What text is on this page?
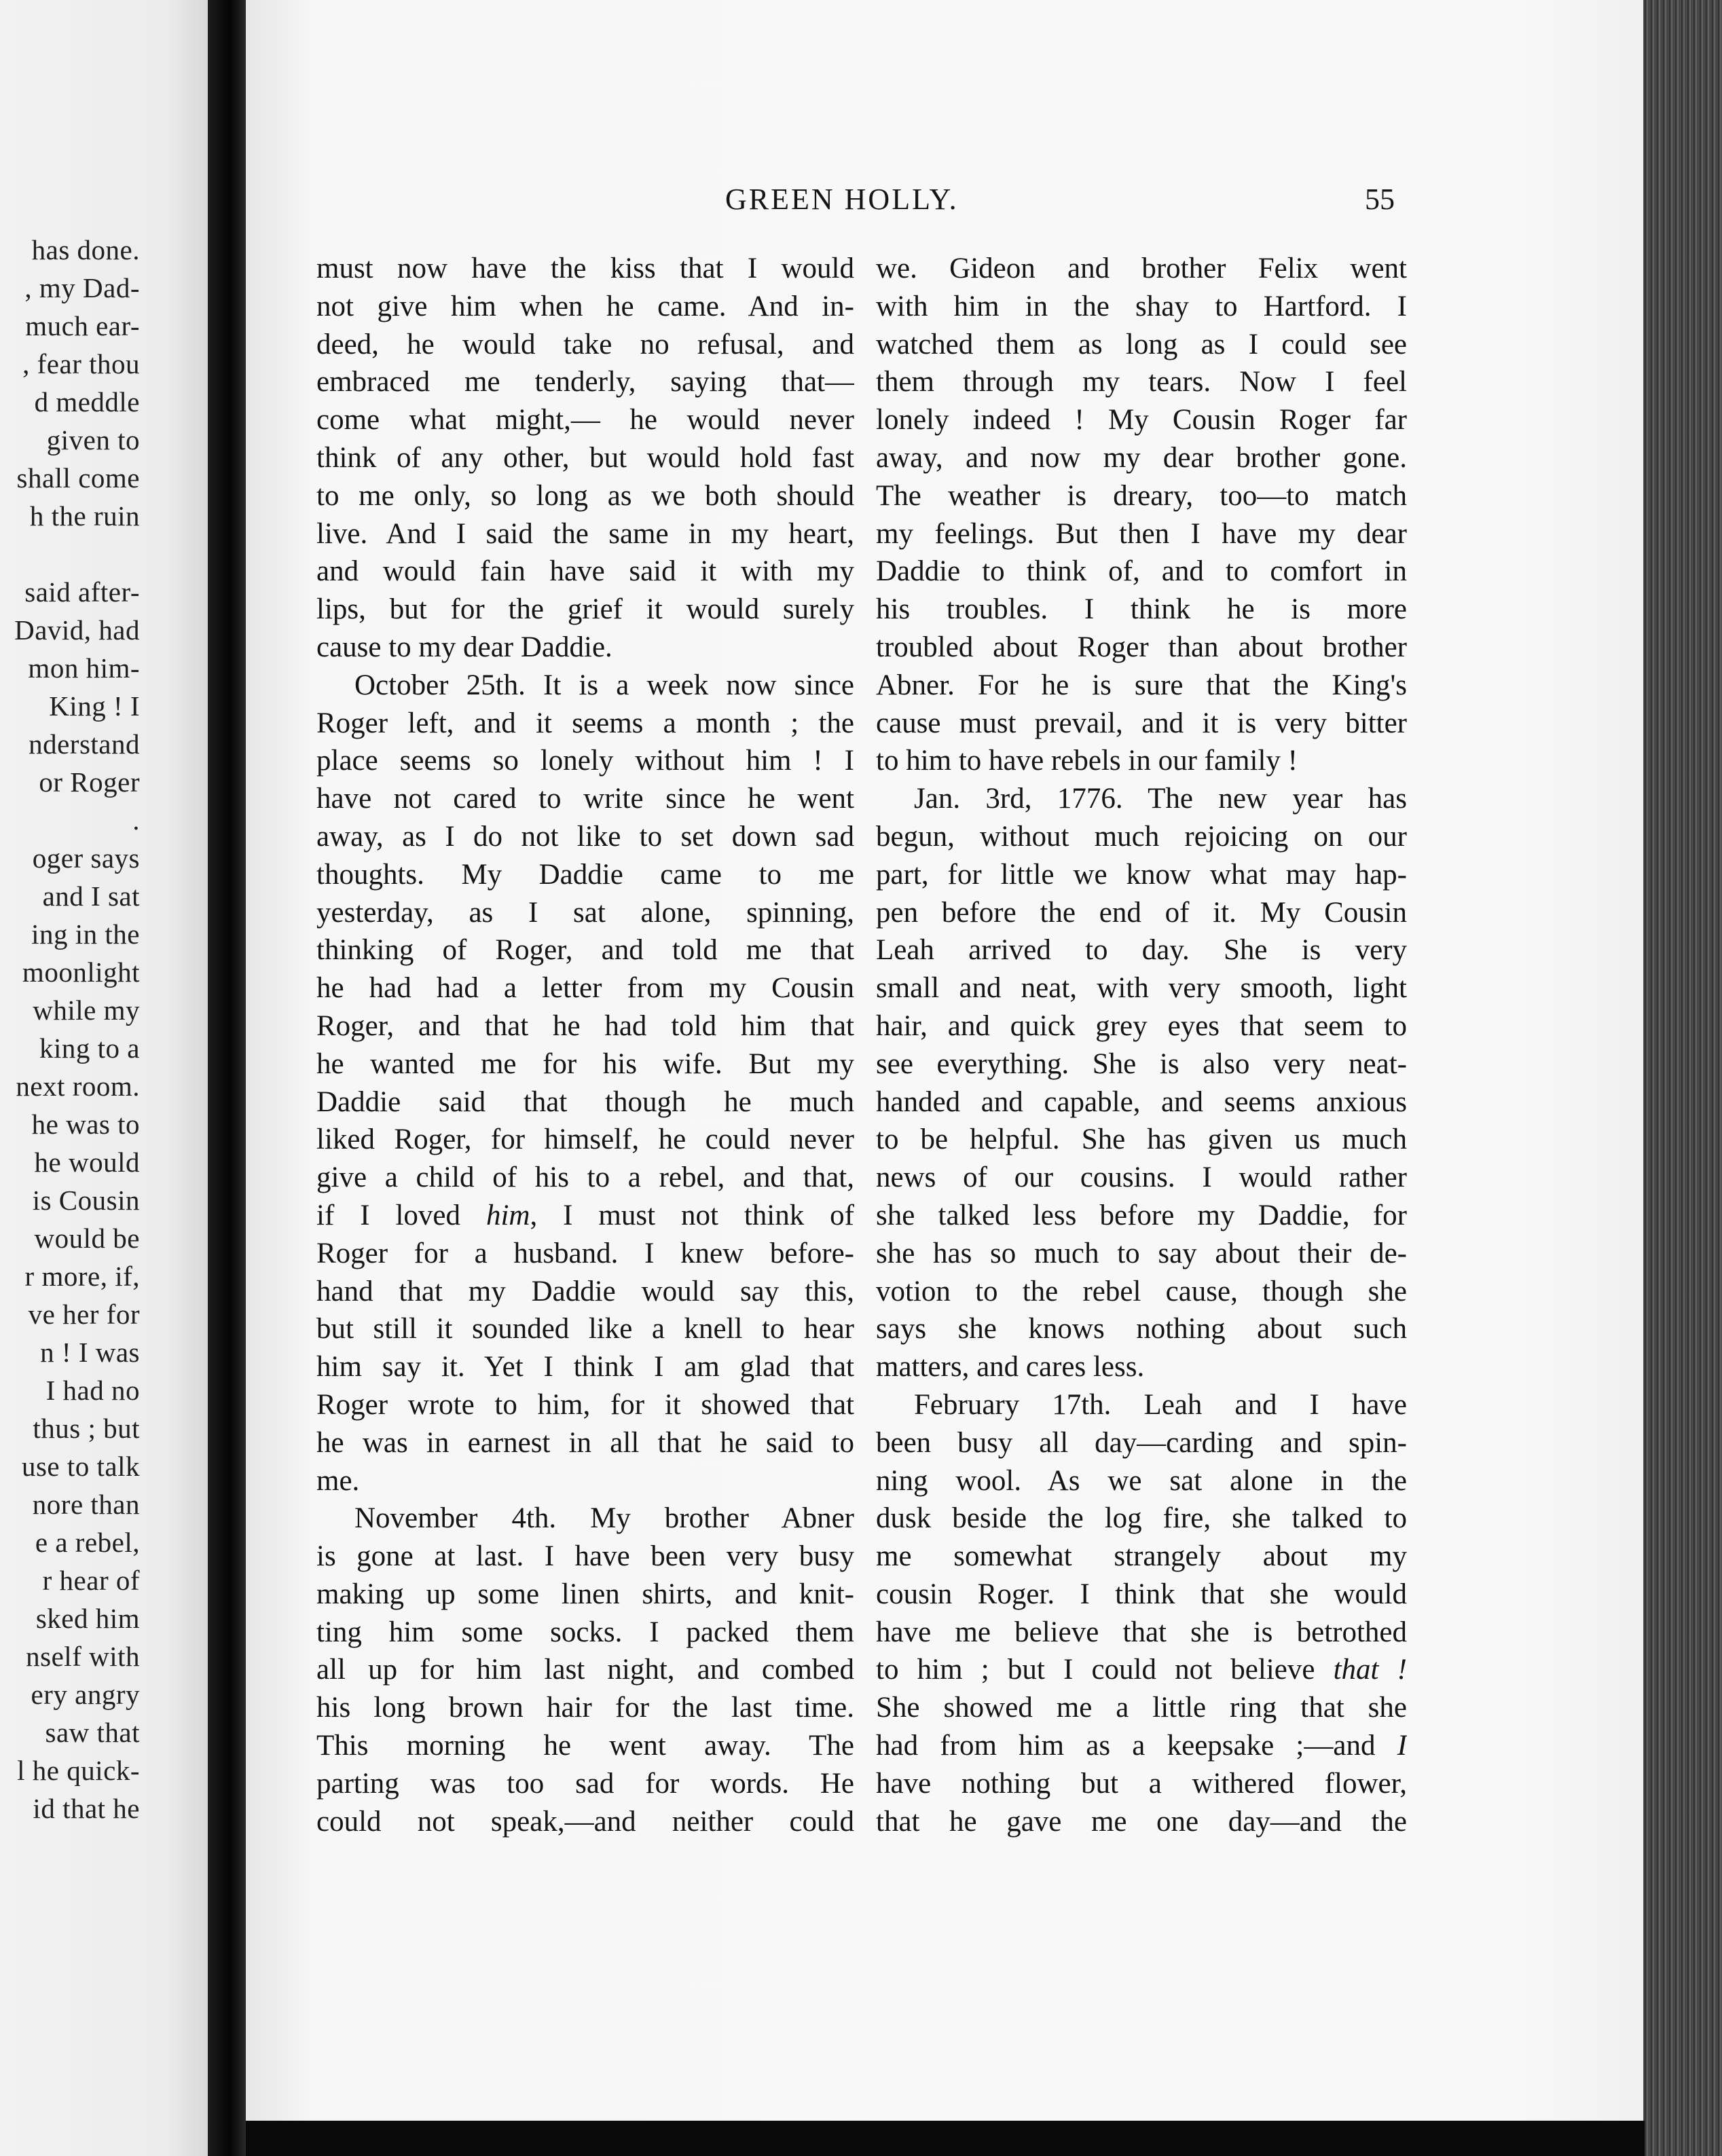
has done.
, my Dad-
much ear-
, fear thou
d meddle
given to
shall come
h the ruin
said after-
David, had
mon him-
King ! I
nderstand
or Roger
.
oger says
and I sat
ing in the
moonlight
while my
king to a
next room.
he was to
he would
is Cousin
would be
r more, if,
ve her for
n ! I was
I had no
thus ; but
use to talk
nore than
e a rebel,
r hear of
sked him
nself with
ery angry
saw that
l he quick-
id that he
GREEN HOLLY.	55
must now have the kiss that I would
not give him when he came. And in-
deed, he would take no refusal, and
embraced me tenderly, saying that—
come what might,— he would never
think of any other, but would hold fast
to me only, so long as we both should
live. And I said the same in my heart,
and would fain have said it with my
lips, but for the grief it would surely
cause to my dear Daddie.
October 25th. It is a week now since
Roger left, and it seems a month ; the
place seems so lonely without him ! I
have not cared to write since he went
away, as I do not like to set down sad
thoughts. My Daddie came to me
yesterday, as I sat alone, spinning,
thinking of Roger, and told me that
he had had a letter from my Cousin
Roger, and that he had told him that
he wanted me for his wife. But my
Daddie said that though he much
liked Roger, for himself, he could never
give a child of his to a rebel, and that,
if I loved him, I must not think of
Roger for a husband. I knew before-
hand that my Daddie would say this,
but still it sounded like a knell to hear
him say it. Yet I think I am glad that
Roger wrote to him, for it showed that
he was in earnest in all that he said to
me.
November 4th. My brother Abner
is gone at last. I have been very busy
making up some linen shirts, and knit-
ting him some socks. I packed them
all up for him last night, and combed
his long brown hair for the last time.
This morning he went away. The
parting was too sad for words. He
could not speak,—and neither could
we. Gideon and brother Felix went
with him in the shay to Hartford. I
watched them as long as I could see
them through my tears. Now I feel
lonely indeed ! My Cousin Roger far
away, and now my dear brother gone.
The weather is dreary, too—to match
my feelings. But then I have my dear
Daddie to think of, and to comfort in
his troubles. I think he is more
troubled about Roger than about brother
Abner. For he is sure that the King's
cause must prevail, and it is very bitter
to him to have rebels in our family !
Jan. 3rd, 1776. The new year has
begun, without much rejoicing on our
part, for little we know what may hap-
pen before the end of it. My Cousin
Leah arrived to day. She is very
small and neat, with very smooth, light
hair, and quick grey eyes that seem to
see everything. She is also very neat-
handed and capable, and seems anxious
to be helpful. She has given us much
news of our cousins. I would rather
she talked less before my Daddie, for
she has so much to say about their de-
votion to the rebel cause, though she
says she knows nothing about such
matters, and cares less.
February 17th. Leah and I have
been busy all day—carding and spin-
ning wool. As we sat alone in the
dusk beside the log fire, she talked to
me somewhat strangely about my
cousin Roger. I think that she would
have me believe that she is betrothed
to him ; but I could not believe that !
She showed me a little ring that she
had from him as a keepsake ;—and I
have nothing but a withered flower,
that he gave me one day—and the
